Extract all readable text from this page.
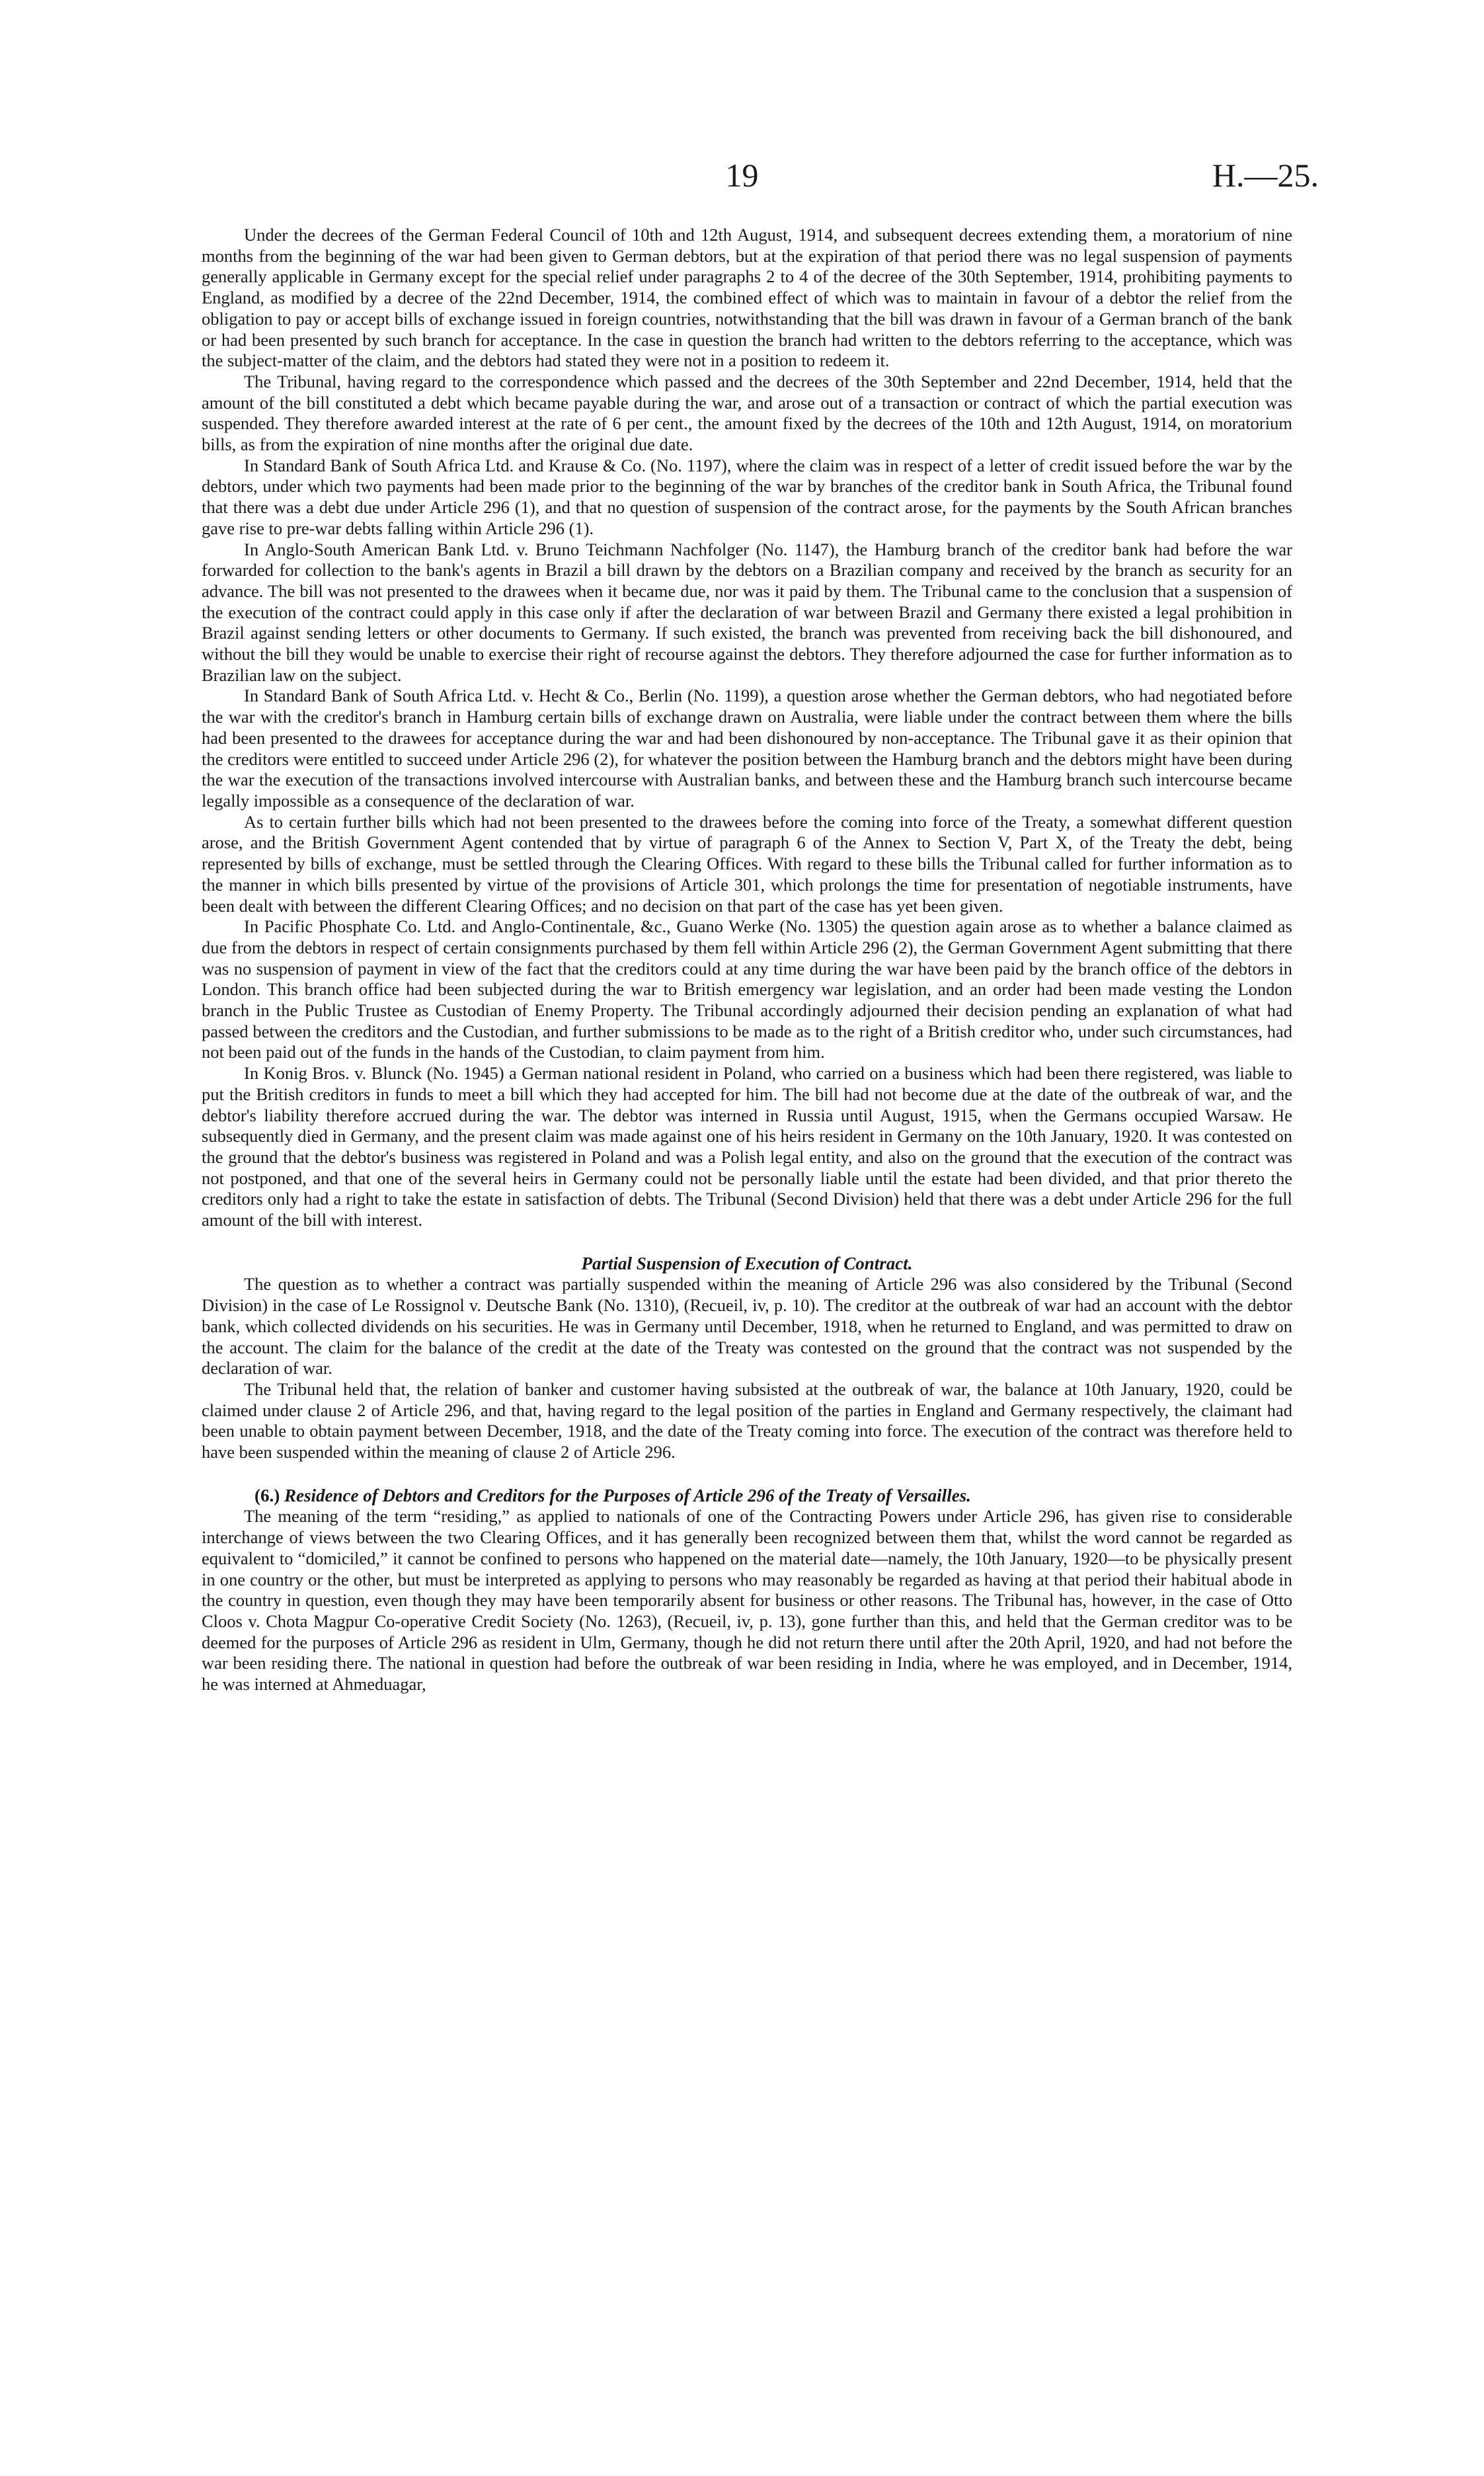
19	H.—25.

Under the decrees of the German Federal Council of 10th and 12th August, 1914, and subsequent decrees extending them, a moratorium of nine months from the beginning of the war had been given to German debtors, but at the expiration of that period there was no legal suspension of payments generally applicable in Germany except for the special relief under paragraphs 2 to 4 of the decree of the 30th September, 1914, prohibiting payments to England, as modified by a decree of the 22nd December, 1914, the combined effect of which was to maintain in favour of a debtor the relief from the obligation to pay or accept bills of exchange issued in foreign countries, notwithstanding that the bill was drawn in favour of a German branch of the bank or had been presented by such branch for acceptance. In the case in question the branch had written to the debtors referring to the acceptance, which was the subject-matter of the claim, and the debtors had stated they were not in a position to redeem it.

The Tribunal, having regard to the correspondence which passed and the decrees of the 30th September and 22nd December, 1914, held that the amount of the bill constituted a debt which became payable during the war, and arose out of a transaction or contract of which the partial execution was suspended. They therefore awarded interest at the rate of 6 per cent., the amount fixed by the decrees of the 10th and 12th August, 1914, on moratorium bills, as from the expiration of nine months after the original due date.

In Standard Bank of South Africa Ltd. and Krause & Co. (No. 1197), where the claim was in respect of a letter of credit issued before the war by the debtors, under which two payments had been made prior to the beginning of the war by branches of the creditor bank in South Africa, the Tribunal found that there was a debt due under Article 296 (1), and that no question of suspension of the contract arose, for the payments by the South African branches gave rise to pre-war debts falling within Article 296 (1).

In Anglo-South American Bank Ltd. v. Bruno Teichmann Nachfolger (No. 1147), the Hamburg branch of the creditor bank had before the war forwarded for collection to the bank's agents in Brazil a bill drawn by the debtors on a Brazilian company and received by the branch as security for an advance. The bill was not presented to the drawees when it became due, nor was it paid by them. The Tribunal came to the conclusion that a suspension of the execution of the contract could apply in this case only if after the declaration of war between Brazil and Germany there existed a legal prohibition in Brazil against sending letters or other documents to Germany. If such existed, the branch was prevented from receiving back the bill dishonoured, and without the bill they would be unable to exercise their right of recourse against the debtors. They therefore adjourned the case for further information as to Brazilian law on the subject.

In Standard Bank of South Africa Ltd. v. Hecht & Co., Berlin (No. 1199), a question arose whether the German debtors, who had negotiated before the war with the creditor's branch in Hamburg certain bills of exchange drawn on Australia, were liable under the contract between them where the bills had been presented to the drawees for acceptance during the war and had been dishonoured by non-acceptance. The Tribunal gave it as their opinion that the creditors were entitled to succeed under Article 296 (2), for whatever the position between the Hamburg branch and the debtors might have been during the war the execution of the transactions involved intercourse with Australian banks, and between these and the Hamburg branch such intercourse became legally impossible as a consequence of the declaration of war.

As to certain further bills which had not been presented to the drawees before the coming into force of the Treaty, a somewhat different question arose, and the British Government Agent contended that by virtue of paragraph 6 of the Annex to Section V, Part X, of the Treaty the debt, being represented by bills of exchange, must be settled through the Clearing Offices. With regard to these bills the Tribunal called for further information as to the manner in which bills presented by virtue of the provisions of Article 301, which prolongs the time for presentation of negotiable instruments, have been dealt with between the different Clearing Offices; and no decision on that part of the case has yet been given.

In Pacific Phosphate Co. Ltd. and Anglo-Continentale, &c., Guano Werke (No. 1305) the question again arose as to whether a balance claimed as due from the debtors in respect of certain consignments purchased by them fell within Article 296 (2), the German Government Agent submitting that there was no suspension of payment in view of the fact that the creditors could at any time during the war have been paid by the branch office of the debtors in London. This branch office had been subjected during the war to British emergency war legislation, and an order had been made vesting the London branch in the Public Trustee as Custodian of Enemy Property. The Tribunal accordingly adjourned their decision pending an explanation of what had passed between the creditors and the Custodian, and further submissions to be made as to the right of a British creditor who, under such circumstances, had not been paid out of the funds in the hands of the Custodian, to claim payment from him.

In Konig Bros. v. Blunck (No. 1945) a German national resident in Poland, who carried on a business which had been there registered, was liable to put the British creditors in funds to meet a bill which they had accepted for him. The bill had not become due at the date of the outbreak of war, and the debtor's liability therefore accrued during the war. The debtor was interned in Russia until August, 1915, when the Germans occupied Warsaw. He subsequently died in Germany, and the present claim was made against one of his heirs resident in Germany on the 10th January, 1920. It was contested on the ground that the debtor's business was registered in Poland and was a Polish legal entity, and also on the ground that the execution of the contract was not postponed, and that one of the several heirs in Germany could not be personally liable until the estate had been divided, and that prior thereto the creditors only had a right to take the estate in satisfaction of debts. The Tribunal (Second Division) held that there was a debt under Article 296 for the full amount of the bill with interest.

Partial Suspension of Execution of Contract.

The question as to whether a contract was partially suspended within the meaning of Article 296 was also considered by the Tribunal (Second Division) in the case of Le Rossignol v. Deutsche Bank (No. 1310), (Recueil, iv, p. 10). The creditor at the outbreak of war had an account with the debtor bank, which collected dividends on his securities. He was in Germany until December, 1918, when he returned to England, and was permitted to draw on the account. The claim for the balance of the credit at the date of the Treaty was contested on the ground that the contract was not suspended by the declaration of war.

The Tribunal held that, the relation of banker and customer having subsisted at the outbreak of war, the balance at 10th January, 1920, could be claimed under clause 2 of Article 296, and that, having regard to the legal position of the parties in England and Germany respectively, the claimant had been unable to obtain payment between December, 1918, and the date of the Treaty coming into force. The execution of the contract was therefore held to have been suspended within the meaning of clause 2 of Article 296.

(6.) Residence of Debtors and Creditors for the Purposes of Article 296 of the Treaty of Versailles.

The meaning of the term “residing,” as applied to nationals of one of the Contracting Powers under Article 296, has given rise to considerable interchange of views between the two Clearing Offices, and it has generally been recognized between them that, whilst the word cannot be regarded as equivalent to “domiciled,” it cannot be confined to persons who happened on the material date—namely, the 10th January, 1920—to be physically present in one country or the other, but must be interpreted as applying to persons who may reasonably be regarded as having at that period their habitual abode in the country in question, even though they may have been temporarily absent for business or other reasons. The Tribunal has, however, in the case of Otto Cloos v. Chota Magpur Co-operative Credit Society (No. 1263), (Recueil, iv, p. 13), gone further than this, and held that the German creditor was to be deemed for the purposes of Article 296 as resident in Ulm, Germany, though he did not return there until after the 20th April, 1920, and had not before the war been residing there. The national in question had before the outbreak of war been residing in India, where he was employed, and in December, 1914, he was interned at Ahmeduagar,
